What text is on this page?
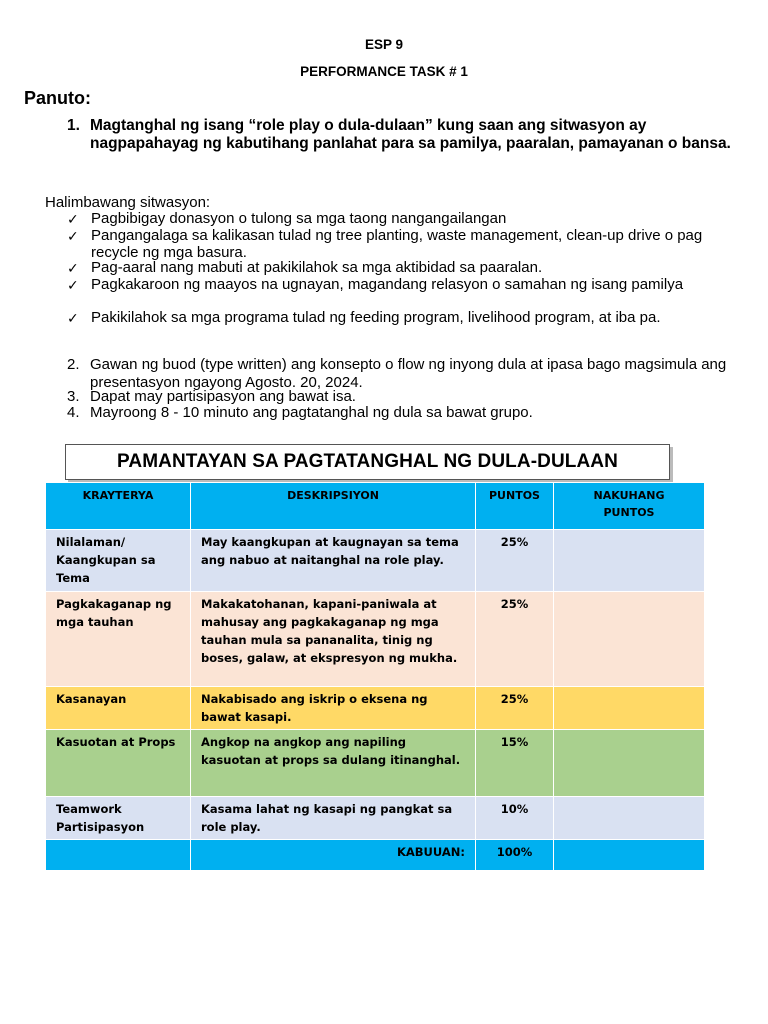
ESP 9
PERFORMANCE TASK # 1
Panuto:
1. Magtanghal ng isang “role play o dula-dulaan” kung saan ang sitwasyon ay nagpapahayag ng kabutihang panlahat para sa pamilya, paaralan, pamayanan o bansa.
Halimbawang sitwasyon:
✓ Pagbibigay donasyon o tulong sa mga taong nangangailangan
✓ Pangangalaga sa kalikasan tulad ng tree planting, waste management, clean-up drive o pag recycle ng mga basura.
✓ Pag-aaral nang mabuti at pakikilahok sa mga aktibidad sa paaralan.
✓ Pagkakaroon ng maayos na ugnayan, magandang relasyon o samahan ng isang pamilya
✓ Pakikilahok sa mga programa tulad ng feeding program, livelihood program, at iba pa.
2. Gawan ng buod (type written) ang konsepto o flow ng inyong dula at ipasa bago magsimula ang presentasyon ngayong Agosto. 20, 2024.
3. Dapat may partisipasyon ang bawat isa.
4. Mayroong 8 - 10 minuto ang pagtatanghal ng dula sa bawat grupo.
PAMANTAYAN SA PAGTATANGHAL NG DULA-DULAAN
KRAYTERYA	DESKRIPSIYON	PUNTOS	NAKUHANG PUNTOS

Nilalaman/ Kaangkupan sa Tema	May kaangkupan at kaugnayan sa tema ang nabuo at naitanghal na role play.	25%	
Pagkakaganap ng mga tauhan	Makakatohanan, kapani-paniwala at mahusay ang pagkakaganap ng mga tauhan mula sa pananalita, tinig ng boses, galaw, at ekspresyon ng mukha.	25%	
Kasanayan	Nakabisado ang iskrip o eksena ng bawat kasapi.	25%	
Kasuotan at Props	Angkop na angkop ang napiling kasuotan at props sa dulang itinanghal.	15%	
Teamwork Partisipasyon	Kasama lahat ng kasapi ng pangkat sa role play.	10%	
	KABUUAN:	100%	
